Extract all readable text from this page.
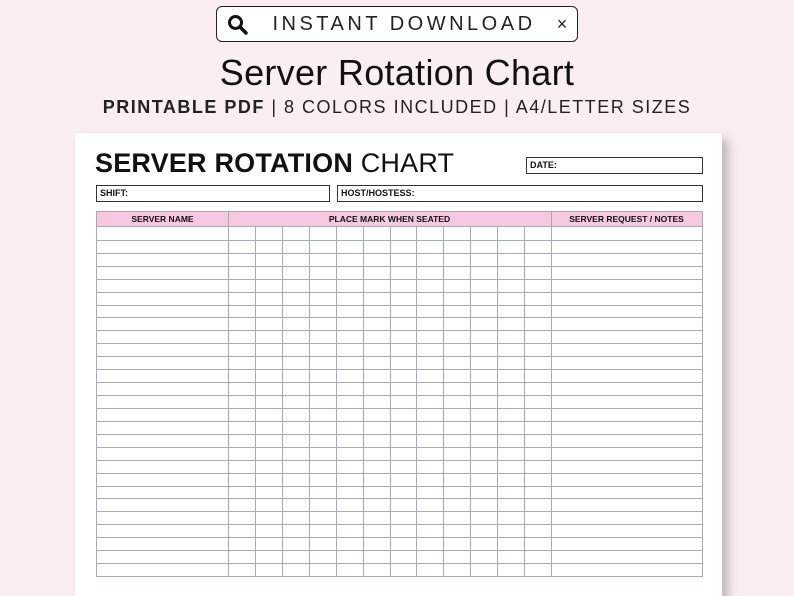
INSTANT DOWNLOAD	×
Server Rotation Chart
PRINTABLE PDF | 8 COLORS INCLUDED | A4/LETTER SIZES
SERVER ROTATION CHART	DATE:
SHIFT:	HOST/HOSTESS:
SERVER NAME	PLACE MARK WHEN SEATED	SERVER REQUEST / NOTES
